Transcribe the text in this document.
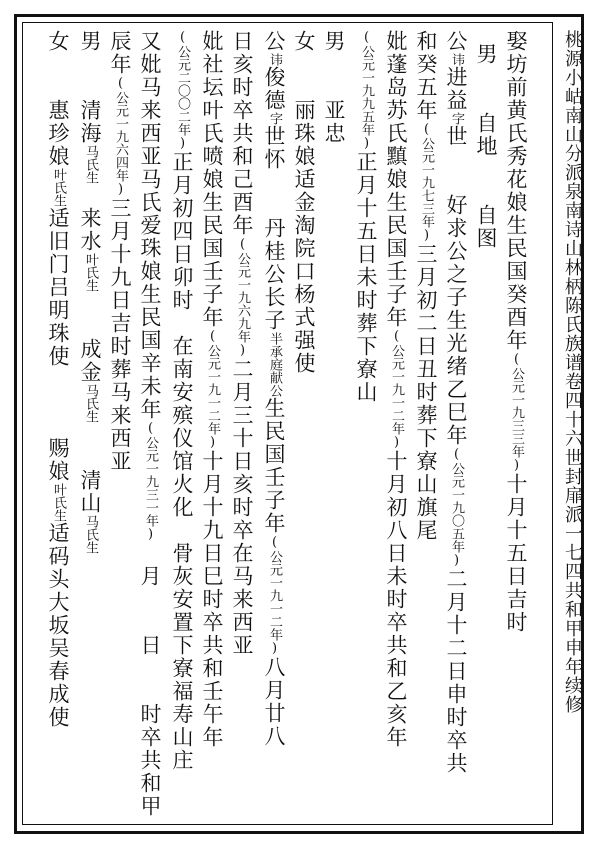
桃源小岵南山分派泉南诗山林柄陈氏族谱卷四十六世封扉派一七四共和甲申年续修
娶坊前黄氏秀花娘生民国癸酉年(公元一九三三年)十月十五日吉时
男　　自地　　自图
公讳进益字世　　好求公之子生光绪乙巳年(公元一九〇五年)二月十二日申时卒共
和癸五年(公元一九七三年)三月初二日丑时葬下寮山旗尾
妣蓬岛苏氏黰娘生民国壬子年(公元一九一二年)十月初八日未时卒共和乙亥年
(公元一九九五年)正月十五日未时葬下寮山
男　　亚忠
女　　丽珠娘适金淘院口杨式强使
公讳俊德字世怀　　丹桂公长子半承庭献公生民国壬子年(公元一九一二年)八月廿八
日亥时卒共和己酉年(公元一九六九年)二月三十日亥时卒在马来西亚
妣社坛叶氏喷娘生民国壬子年(公元一九一二年)十月十九日巳时卒共和壬午年
(公元二〇〇二年)正月初四日卯时　在南安殡仪馆火化　骨灰安置下寮福寿山庄
又妣马来西亚马氏爱珠娘生民国辛未年(公元一九三一年)　月　　日　　时卒共和甲
辰年(公元一九六四年)三月十九日吉时葬马来西亚
男　　清海马氏生　来水叶氏生　　成金马氏生　　清山马氏生
女　　惠珍娘叶氏生适旧门吕明珠使　　　赐娘叶氏生适码头大坂吴春成使
